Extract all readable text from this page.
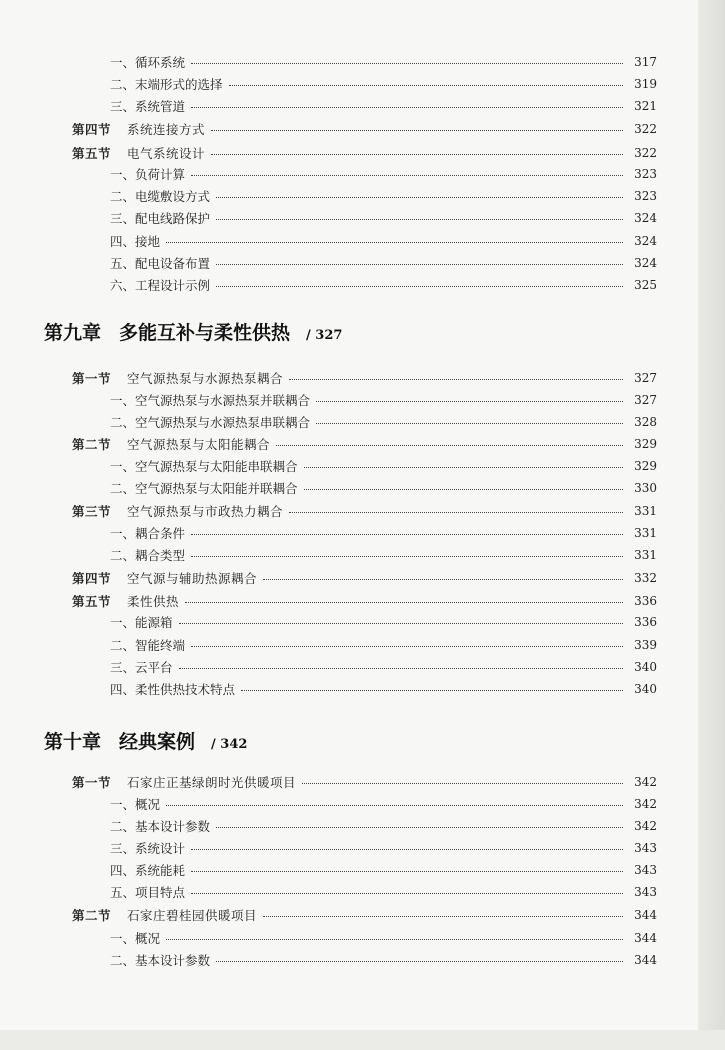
第九章 多能互补与柔性供热 / 327
第十章 经典案例 / 342
一、循环系统	317
二、末端形式的选择	319
三、系统管道	321
第四节 系统连接方式	322
第五节 电气系统设计	322
一、负荷计算	323
二、电缆敷设方式	323
三、配电线路保护	324
四、接地	324
五、配电设备布置	324
六、工程设计示例	325
第一节 空气源热泵与水源热泵耦合	327
一、空气源热泵与水源热泵并联耦合	327
二、空气源热泵与水源热泵串联耦合	328
第二节 空气源热泵与太阳能耦合	329
一、空气源热泵与太阳能串联耦合	329
二、空气源热泵与太阳能并联耦合	330
第三节 空气源热泵与市政热力耦合	331
一、耦合条件	331
二、耦合类型	331
第四节 空气源与辅助热源耦合	332
第五节 柔性供热	336
一、能源箱	336
二、智能终端	339
三、云平台	340
四、柔性供热技术特点	340
第一节 石家庄正基绿朗时光供暖项目	342
一、概况	342
二、基本设计参数	342
三、系统设计	343
四、系统能耗	343
五、项目特点	343
第二节 石家庄碧桂园供暖项目	344
一、概况	344
二、基本设计参数	344
